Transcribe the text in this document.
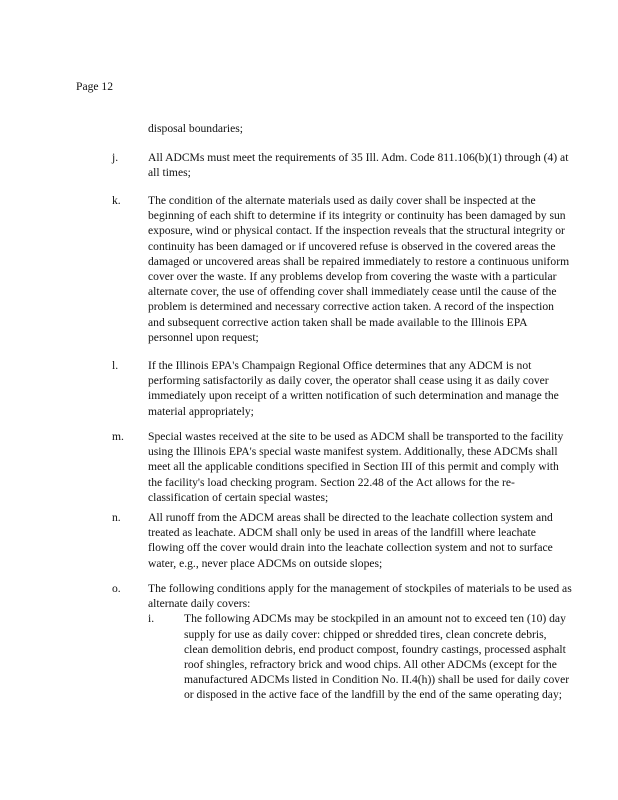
Page 12
disposal boundaries;
j.	All ADCMs must meet the requirements of 35 Ill. Adm. Code 811.106(b)(1) through (4) at all times;
k. The condition of the alternate materials used as daily cover shall be inspected at the beginning of each shift to determine if its integrity or continuity has been damaged by sun exposure, wind or physical contact. If the inspection reveals that the structural integrity or continuity has been damaged or if uncovered refuse is observed in the covered areas the damaged or uncovered areas shall be repaired immediately to restore a continuous uniform cover over the waste. If any problems develop from covering the waste with a particular alternate cover, the use of offending cover shall immediately cease until the cause of the problem is determined and necessary corrective action taken. A record of the inspection and subsequent corrective action taken shall be made available to the Illinois EPA personnel upon request;
l.	If the Illinois EPA's Champaign Regional Office determines that any ADCM is not performing satisfactorily as daily cover, the operator shall cease using it as daily cover immediately upon receipt of a written notification of such determination and manage the material appropriately;
m. Special wastes received at the site to be used as ADCM shall be transported to the facility using the Illinois EPA's special waste manifest system. Additionally, these ADCMs shall meet all the applicable conditions specified in Section III of this permit and comply with the facility's load checking program. Section 22.48 of the Act allows for the re-classification of certain special wastes;
n. All runoff from the ADCM areas shall be directed to the leachate collection system and treated as leachate. ADCM shall only be used in areas of the landfill where leachate flowing off the cover would drain into the leachate collection system and not to surface water, e.g., never place ADCMs on outside slopes;
o. The following conditions apply for the management of stockpiles of materials to be used as alternate daily covers:
i.	The following ADCMs may be stockpiled in an amount not to exceed ten (10) day supply for use as daily cover: chipped or shredded tires, clean concrete debris, clean demolition debris, end product compost, foundry castings, processed asphalt roof shingles, refractory brick and wood chips. All other ADCMs (except for the manufactured ADCMs listed in Condition No. II.4(h)) shall be used for daily cover or disposed in the active face of the landfill by the end of the same operating day;
